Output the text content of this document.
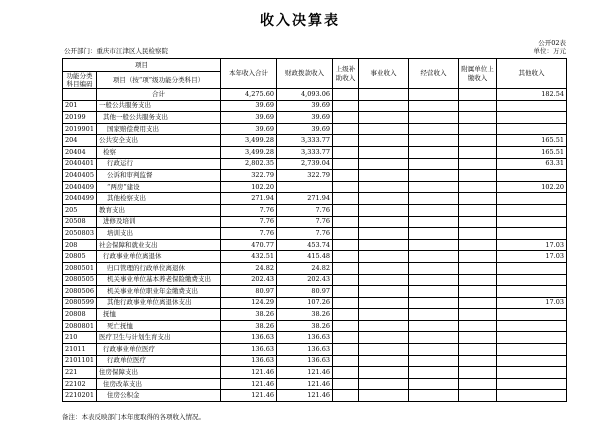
收入决算表
公开02表
公开部门：重庆市江津区人民检察院	单位：万元
项目		本年收入合计	财政拨款收入	上级补助收入	事业收入	经营收入	附属单位上缴收入	其他收入
功能分类科目编码	项目（按“项”级功能分类科目）							

	合计	4,275.60	4,093.06					182.54
201	一般公共服务支出	39.69	39.69					
20199	其他一般公共服务支出	39.69	39.69					
2019901	国家赔偿费用支出	39.69	39.69					
204	公共安全支出	3,499.28	3,333.77					165.51
20404	检察	3,499.28	3,333.77					165.51
2040401	行政运行	2,802.35	2,739.04					63.31
2040405	公诉和审判监督	322.79	322.79					
2040409	“两房”建设	102.20						102.20
2040499	其他检察支出	271.94	271.94					
205	教育支出	7.76	7.76					
20508	进修及培训	7.76	7.76					
2050803	培训支出	7.76	7.76					
208	社会保障和就业支出	470.77	453.74					17.03
20805	行政事业单位离退休	432.51	415.48					17.03
2080501	归口管理的行政单位离退休	24.82	24.82					
2080505	机关事业单位基本养老保险缴费支出	202.43	202.43					
2080506	机关事业单位职业年金缴费支出	80.97	80.97					
2080599	其他行政事业单位离退休支出	124.29	107.26					17.03
20808	抚恤	38.26	38.26					
2080801	死亡抚恤	38.26	38.26					
210	医疗卫生与计划生育支出	136.63	136.63					
21011	行政事业单位医疗	136.63	136.63					
2101101	行政单位医疗	136.63	136.63					
221	住房保障支出	121.46	121.46					
22102	住房改革支出	121.46	121.46					
2210201	住房公积金	121.46	121.46					
备注：本表反映部门本年度取得的各项收入情况。
